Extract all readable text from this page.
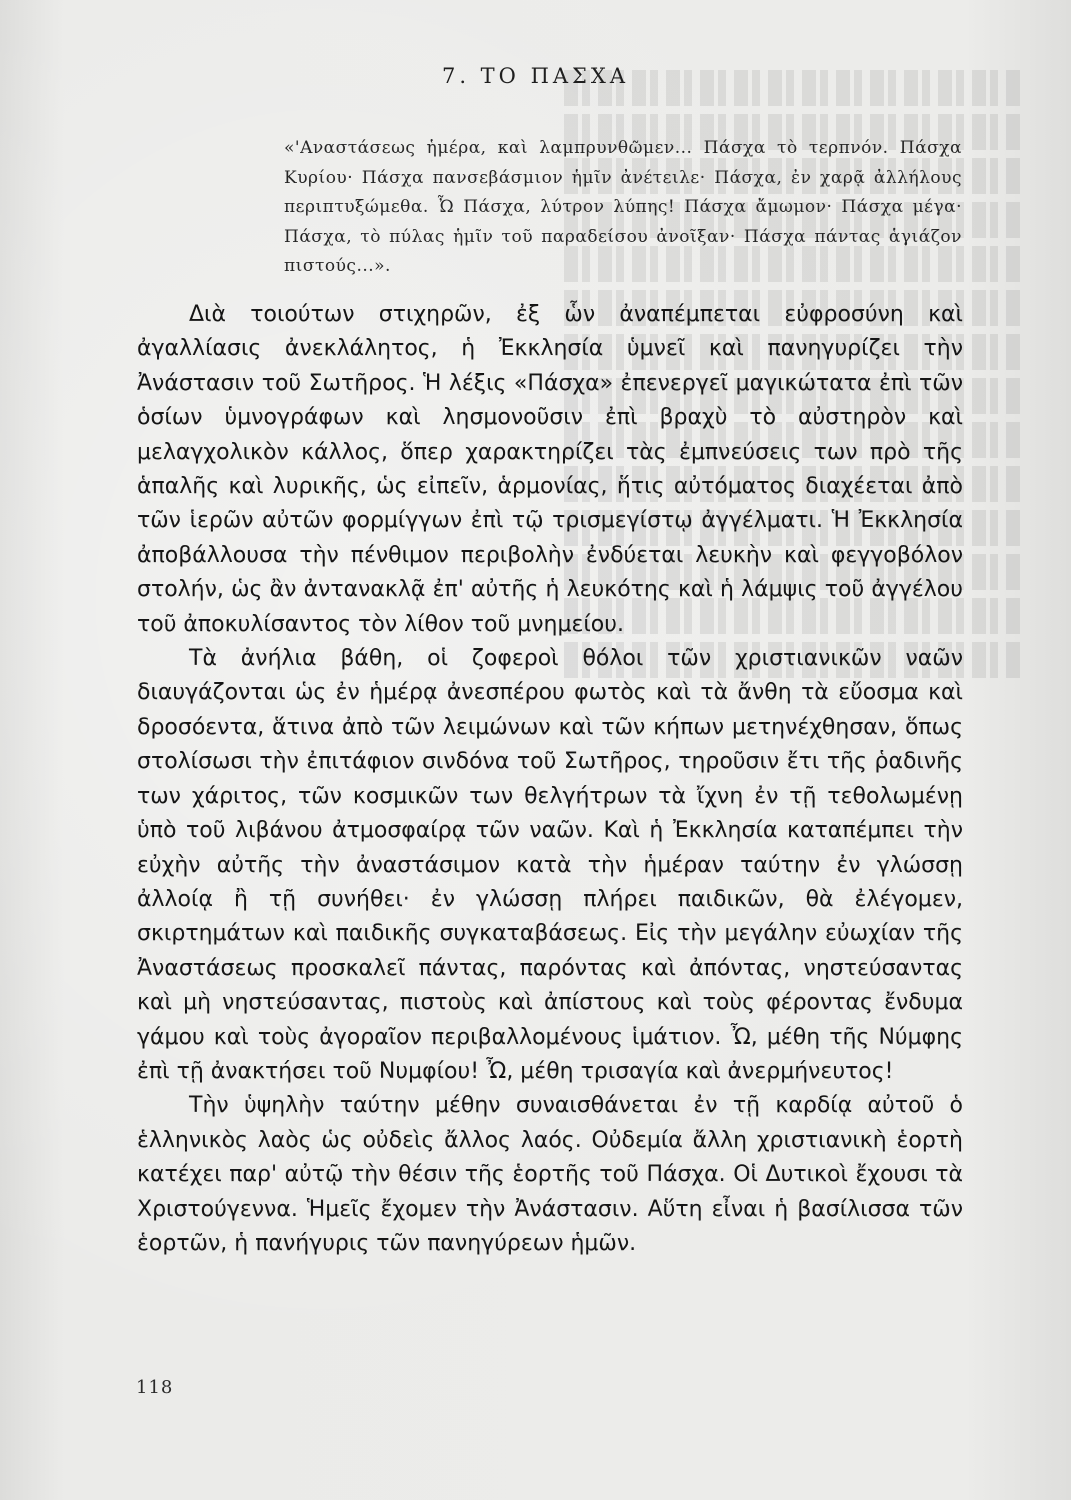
7. ΤΟ ΠΑΣΧΑ
«'Αναστάσεως ἡμέρα, καὶ λαμπρυνθῶμεν... Πάσχα τὸ τερπνόν. Πάσχα Κυρίου· Πάσχα πανσεβάσμιον ἡμῖν ἀνέτειλε· Πάσχα, ἐν χαρᾷ ἀλλήλους περιπτυξώμεθα. Ὦ Πάσχα, λύτρον λύπης! Πάσχα ἄμωμον· Πάσχα μέγα· Πάσχα, τὸ πύλας ἡμῖν τοῦ παραδείσου ἀνοῖξαν· Πάσχα πάντας ἁγιάζον πιστούς...».

Διὰ τοιούτων στιχηρῶν, ἐξ ὧν ἀναπέμπεται εὐφροσύνη καὶ ἀγαλλίασις ἀνεκλάλητος, ἡ Ἐκκλησία ὑμνεῖ καὶ πανηγυρίζει τὴν Ἀνάστασιν τοῦ Σωτῆρος. Ἡ λέξις «Πάσχα» ἐπενεργεῖ μαγικώτατα ἐπὶ τῶν ὁσίων ὑμνογράφων καὶ λησμονοῦσιν ἐπὶ βραχὺ τὸ αὐστηρὸν καὶ μελαγχολικὸν κάλλος, ὅπερ χαρακτηρίζει τὰς ἐμπνεύσεις των πρὸ τῆς ἁπαλῆς καὶ λυρικῆς, ὡς εἰπεῖν, ἁρμονίας, ἥτις αὐτόματος διαχέεται ἀπὸ τῶν ἱερῶν αὐτῶν φορμίγγων ἐπὶ τῷ τρισμεγίστῳ ἀγγέλματι. Ἡ Ἐκκλησία ἀποβάλλουσα τὴν πένθιμον περιβολὴν ἐνδύεται λευκὴν καὶ φεγγοβόλον στολήν, ὡς ἂν ἀντανακλᾷ ἐπ' αὐτῆς ἡ λευκότης καὶ ἡ λάμψις τοῦ ἀγγέλου τοῦ ἀποκυλίσαντος τὸν λίθον τοῦ μνημείου.

Τὰ ἀνήλια βάθη, οἱ ζοφεροὶ θόλοι τῶν χριστιανικῶν ναῶν διαυγάζονται ὡς ἐν ἡμέρᾳ ἀνεσπέρου φωτὸς καὶ τὰ ἄνθη τὰ εὔοσμα καὶ δροσόεντα, ἅτινα ἀπὸ τῶν λειμώνων καὶ τῶν κήπων μετηνέχθησαν, ὅπως στολίσωσι τὴν ἐπιτάφιον σινδόνα τοῦ Σωτῆρος, τηροῦσιν ἔτι τῆς ῥαδινῆς των χάριτος, τῶν κοσμικῶν των θελγήτρων τὰ ἴχνη ἐν τῇ τεθολωμένῃ ὑπὸ τοῦ λιβάνου ἀτμοσφαίρᾳ τῶν ναῶν. Καὶ ἡ Ἐκκλησία καταπέμπει τὴν εὐχὴν αὐτῆς τὴν ἀναστάσιμον κατὰ τὴν ἡμέραν ταύτην ἐν γλώσσῃ ἀλλοίᾳ ἢ τῇ συνήθει· ἐν γλώσσῃ πλήρει παιδικῶν, θὰ ἐλέγομεν, σκιρτημάτων καὶ παιδικῆς συγκαταβάσεως. Εἰς τὴν μεγάλην εὐωχίαν τῆς Ἀναστάσεως προσκαλεῖ πάντας, παρόντας καὶ ἀπόντας, νηστεύσαντας καὶ μὴ νηστεύσαντας, πιστοὺς καὶ ἀπίστους καὶ τοὺς φέροντας ἔνδυμα γάμου καὶ τοὺς ἀγοραῖον περιβαλλομένους ἱμάτιον. Ὦ, μέθη τῆς Νύμφης ἐπὶ τῇ ἀνακτήσει τοῦ Νυμφίου! Ὦ, μέθη τρισαγία καὶ ἀνερμήνευτος!

Τὴν ὑψηλὴν ταύτην μέθην συναισθάνεται ἐν τῇ καρδίᾳ αὐτοῦ ὁ ἑλληνικὸς λαὸς ὡς οὐδεὶς ἄλλος λαός. Οὐδεμία ἄλλη χριστιανικὴ ἑορτὴ κατέχει παρ' αὐτῷ τὴν θέσιν τῆς ἑορτῆς τοῦ Πάσχα. Οἱ Δυτικοὶ ἔχουσι τὰ Χριστούγεννα. Ἡμεῖς ἔχομεν τὴν Ἀνάστασιν. Αὕτη εἶναι ἡ βασίλισσα τῶν ἑορτῶν, ἡ πανήγυρις τῶν πανηγύρεων ἡμῶν.

118
